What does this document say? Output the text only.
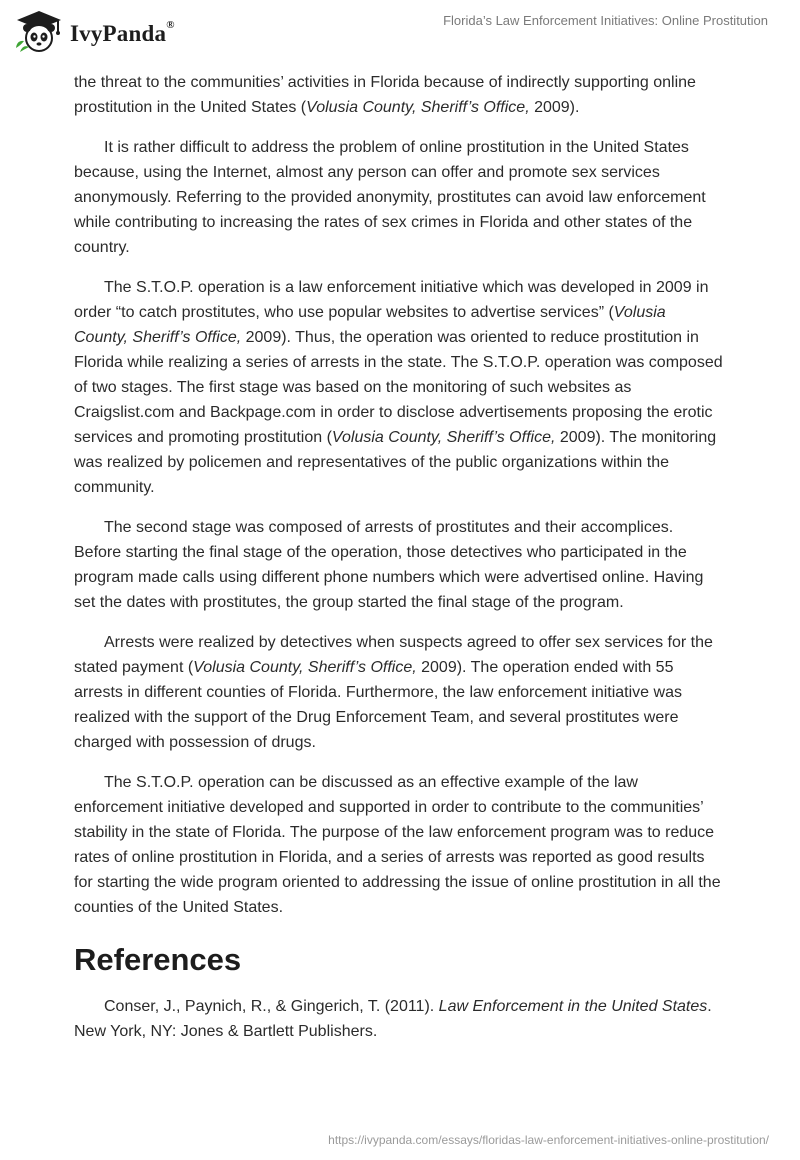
IvyPanda®	Florida’s Law Enforcement Initiatives: Online Prostitution

the threat to the communities’ activities in Florida because of indirectly supporting online prostitution in the United States (Volusia County, Sheriff’s Office, 2009).

It is rather difficult to address the problem of online prostitution in the United States because, using the Internet, almost any person can offer and promote sex services anonymously. Referring to the provided anonymity, prostitutes can avoid law enforcement while contributing to increasing the rates of sex crimes in Florida and other states of the country.

The S.T.O.P. operation is a law enforcement initiative which was developed in 2009 in order “to catch prostitutes, who use popular websites to advertise services” (Volusia County, Sheriff’s Office, 2009). Thus, the operation was oriented to reduce prostitution in Florida while realizing a series of arrests in the state. The S.T.O.P. operation was composed of two stages. The first stage was based on the monitoring of such websites as Craigslist.com and Backpage.com in order to disclose advertisements proposing the erotic services and promoting prostitution (Volusia County, Sheriff’s Office, 2009). The monitoring was realized by policemen and representatives of the public organizations within the community.

The second stage was composed of arrests of prostitutes and their accomplices. Before starting the final stage of the operation, those detectives who participated in the program made calls using different phone numbers which were advertised online. Having set the dates with prostitutes, the group started the final stage of the program.

Arrests were realized by detectives when suspects agreed to offer sex services for the stated payment (Volusia County, Sheriff’s Office, 2009). The operation ended with 55 arrests in different counties of Florida. Furthermore, the law enforcement initiative was realized with the support of the Drug Enforcement Team, and several prostitutes were charged with possession of drugs.

The S.T.O.P. operation can be discussed as an effective example of the law enforcement initiative developed and supported in order to contribute to the communities’ stability in the state of Florida. The purpose of the law enforcement program was to reduce rates of online prostitution in Florida, and a series of arrests was reported as good results for starting the wide program oriented to addressing the issue of online prostitution in all the counties of the United States.

References

Conser, J., Paynich, R., & Gingerich, T. (2011). Law Enforcement in the United States. New York, NY: Jones & Bartlett Publishers.

https://ivypanda.com/essays/floridas-law-enforcement-initiatives-online-prostitution/
